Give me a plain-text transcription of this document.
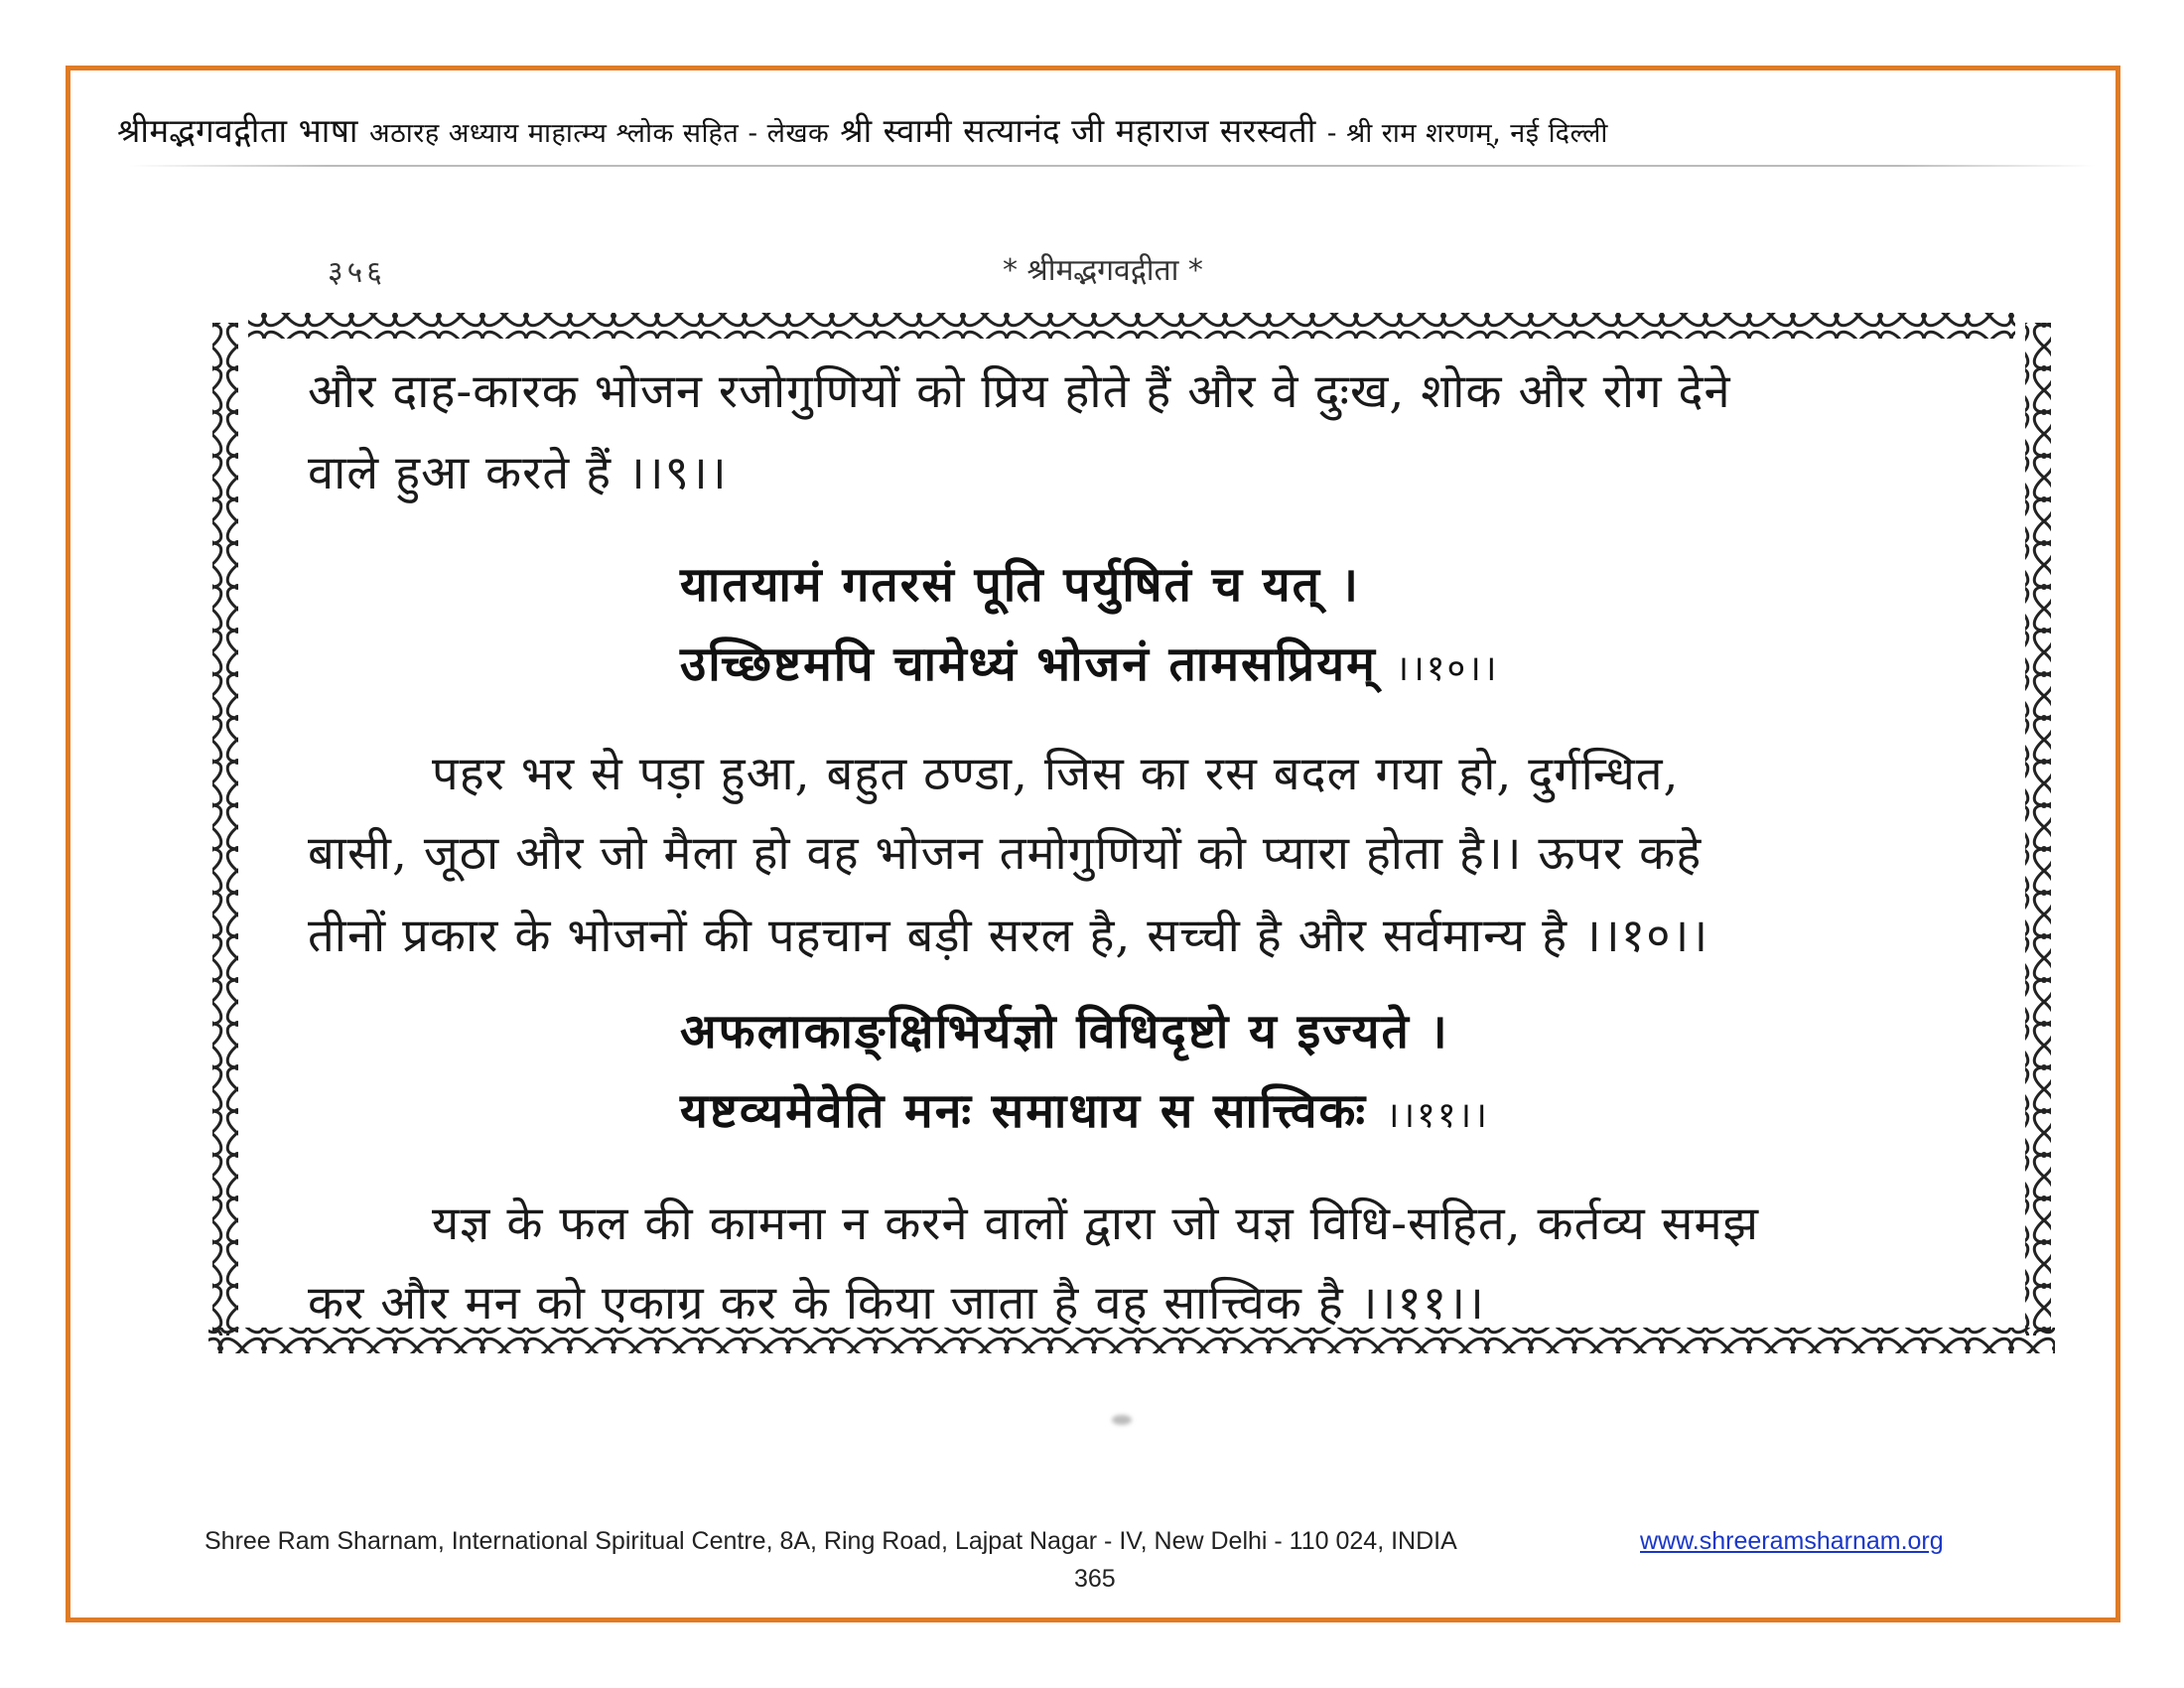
श्रीमद्भगवद्गीता भाषा अठारह अध्याय माहात्म्य श्लोक सहित - लेखक श्री स्वामी सत्यानंद जी महाराज सरस्वती - श्री राम शरणम्, नई दिल्ली
३५६	* श्रीमद्भगवद्गीता *
और दाह-कारक भोजन रजोगुणियों को प्रिय होते हैं और वे दुःख, शोक और रोग देने
वाले हुआ करते हैं ।।९।।
यातयामं गतरसं पूति पर्युषितं च यत् ।
उच्छिष्टमपि चामेध्यं भोजनं तामसप्रियम् ।।१०।।
पहर भर से पड़ा हुआ, बहुत ठण्डा, जिस का रस बदल गया हो, दुर्गन्धित,
बासी, जूठा और जो मैला हो वह भोजन तमोगुणियों को प्यारा होता है।। ऊपर कहे
तीनों प्रकार के भोजनों की पहचान बड़ी सरल है, सच्ची है और सर्वमान्य है ।।१०।।
अफलाकाङ्क्षिभिर्यज्ञो विधिदृष्टो य इज्यते ।
यष्टव्यमेवेति मनः समाधाय स सात्त्विकः ।।११।।
यज्ञ के फल की कामना न करने वालों द्वारा जो यज्ञ विधि-सहित, कर्तव्य समझ
कर और मन को एकाग्र कर के किया जाता है वह सात्त्विक है ।।११।।
Shree Ram Sharnam, International Spiritual Centre, 8A, Ring Road, Lajpat Nagar - IV, New Delhi - 110 024, INDIA	www.shreeramsharnam.org
365
